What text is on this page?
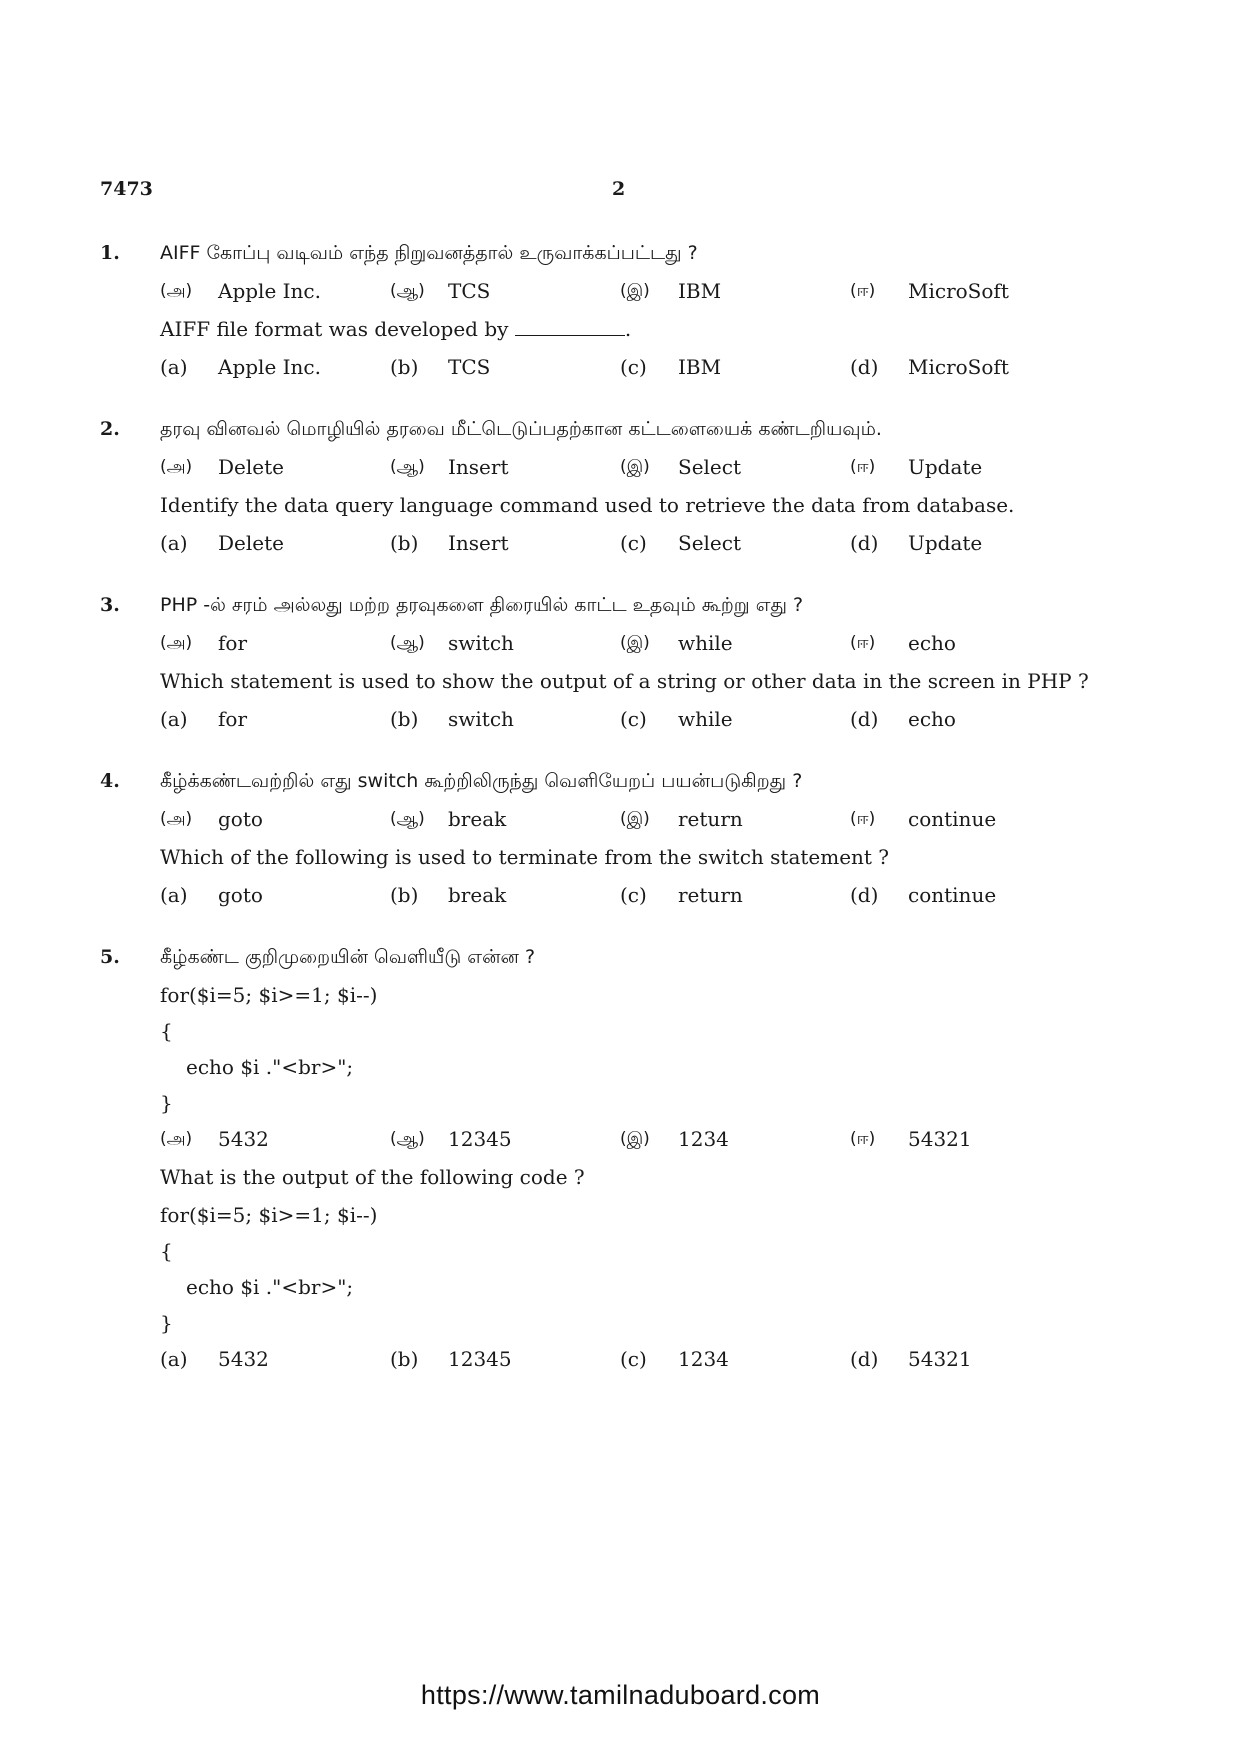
7473	2
1. AIFF கோப்பு வடிவம் எந்த நிறுவனத்தால் உருவாக்கப்பட்டது ?
(அ)	Apple Inc.	(ஆ)	TCS	(இ)	IBM	(ஈ)	MicroSoft
AIFF file format was developed by	.
(a)	Apple Inc.	(b)	TCS	(c)	IBM	(d)	MicroSoft
2. தரவு வினவல் மொழியில் தரவை மீட்டெடுப்பதற்கான கட்டளையைக் கண்டறியவும்.
(அ)	Delete	(ஆ)	Insert	(இ)	Select	(ஈ)	Update
Identify the data query language command used to retrieve the data from database.
(a)	Delete	(b)	Insert	(c)	Select	(d)	Update
3. PHP -ல் சரம் அல்லது மற்ற தரவுகளை திரையில் காட்ட உதவும் கூற்று எது ?
(அ)	for	(ஆ)	switch	(இ)	while	(ஈ)	echo
Which statement is used to show the output of a string or other data in the screen in PHP ?
(a)	for	(b)	switch	(c)	while	(d)	echo
4. கீழ்க்கண்டவற்றில் எது switch கூற்றிலிருந்து வெளியேறப் பயன்படுகிறது ?
(அ)	goto	(ஆ)	break	(இ)	return	(ஈ)	continue
Which of the following is used to terminate from the switch statement ?
(a)	goto	(b)	break	(c)	return	(d)	continue
5. கீழ்கண்ட குறிமுறையின் வெளியீடு என்ன ?
for($i=5; $i>=1; $i--)
{
echo $i ."<br>";
}
(அ)	5432	(ஆ)	12345	(இ)	1234	(ஈ)	54321
What is the output of the following code ?
for($i=5; $i>=1; $i--)
{
echo $i ."<br>";
}
(a)	5432	(b)	12345	(c)	1234	(d)	54321
https://www.tamilnaduboard.com
